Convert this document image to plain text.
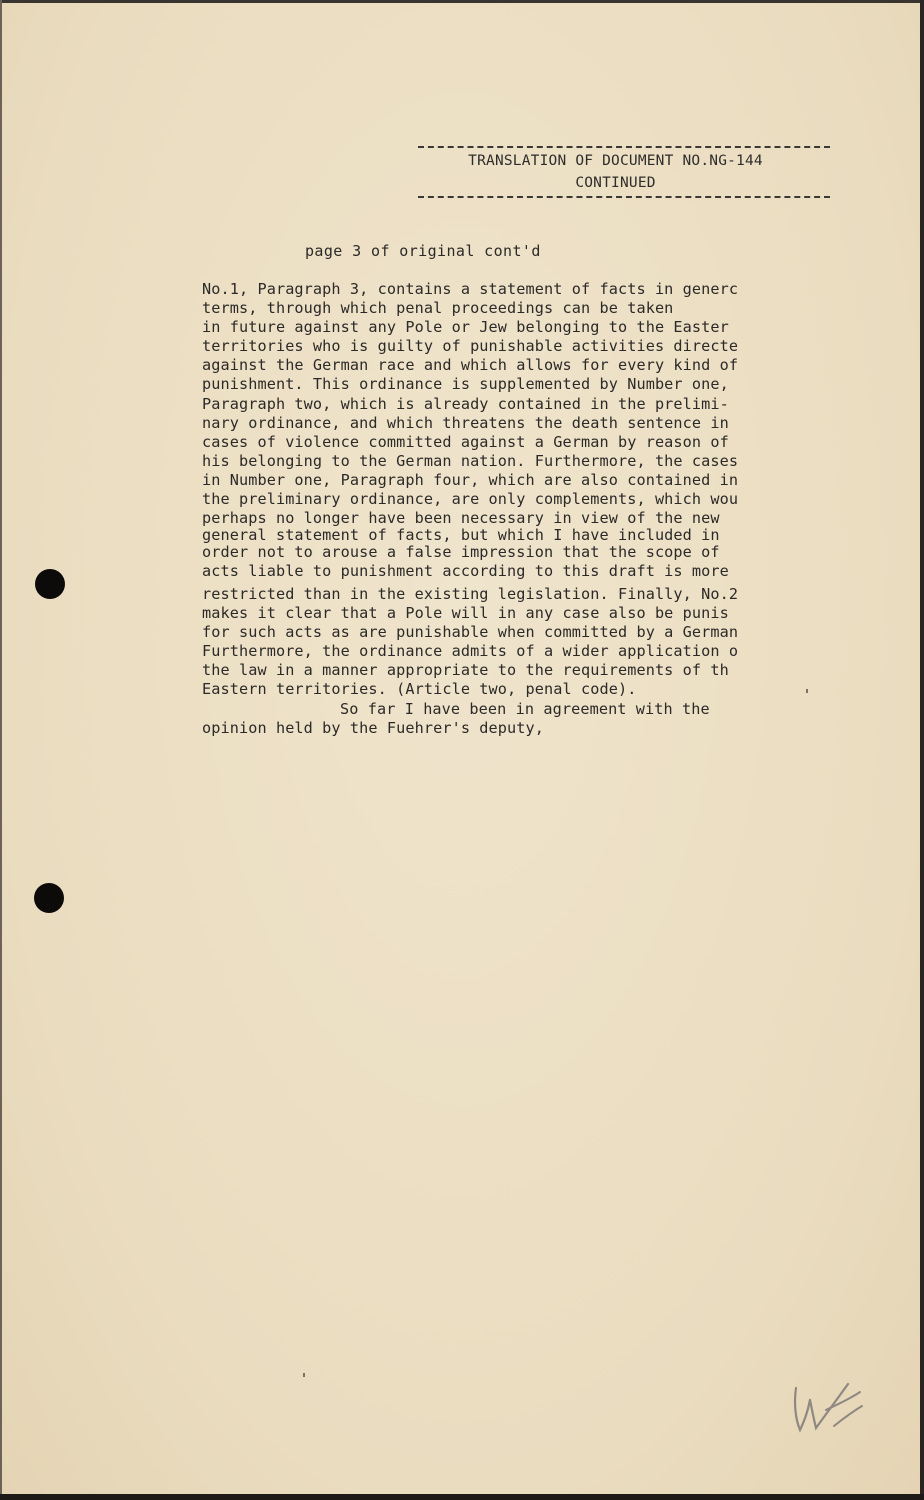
TRANSLATION OF DOCUMENT NO.NG-144
CONTINUED
page 3 of original cont'd
No.1, Paragraph 3, contains a statement of facts in generc
terms, through which penal proceedings can be taken
in future against any Pole or Jew belonging to the Easter
territories who is guilty of punishable activities directe
against the German race and which allows for every kind of
punishment. This ordinance is supplemented by Number one,
Paragraph two, which is already contained in the prelimi-
nary ordinance, and which threatens the death sentence in
cases of violence committed against a German by reason of
his belonging to the German nation. Furthermore, the cases
in Number one, Paragraph four, which are also contained in
the preliminary ordinance, are only complements, which wou
perhaps no longer have been necessary in view of the new
general statement of facts, but which I have included in
order not to arouse a false impression that the scope of
acts liable to punishment according to this draft is more
restricted than in the existing legislation. Finally, No.2
makes it clear that a Pole will in any case also be punis
for such acts as are punishable when committed by a German
Furthermore, the ordinance admits of a wider application o
the law in a manner appropriate to the requirements of th
Eastern territories. (Article two, penal code).
So far I have been in agreement with the
opinion held by the Fuehrer's deputy,
